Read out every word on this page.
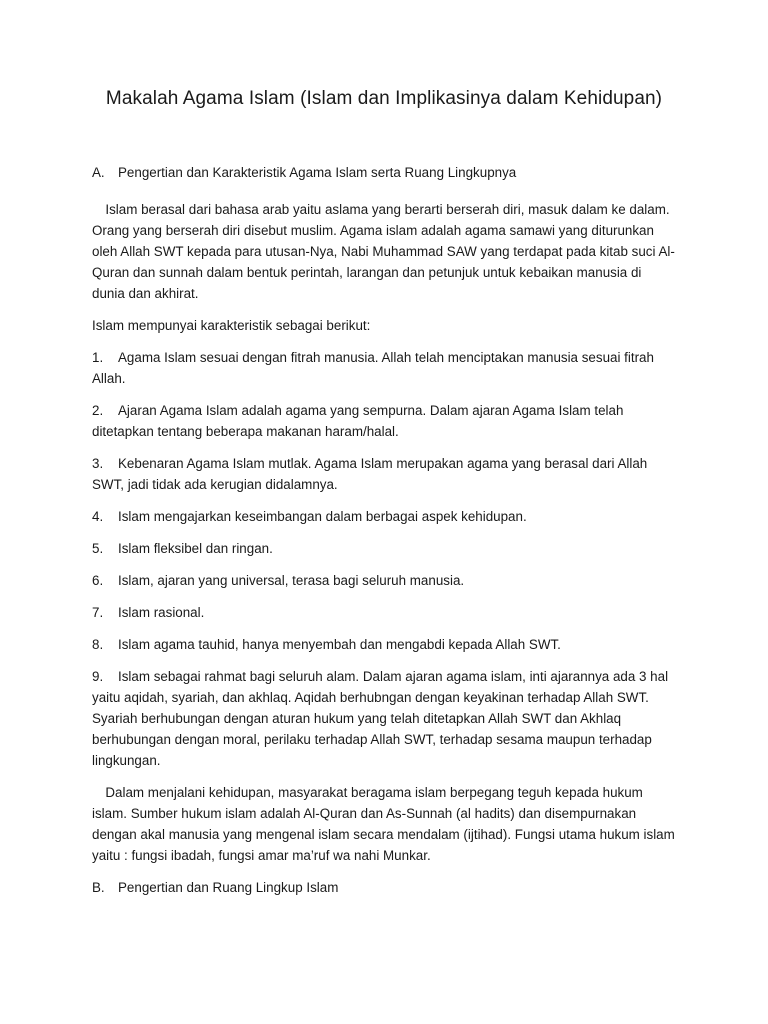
Makalah Agama Islam (Islam dan Implikasinya dalam Kehidupan)
A. Pengertian dan Karakteristik Agama Islam serta Ruang Lingkupnya

Islam berasal dari bahasa arab yaitu aslama yang berarti berserah diri, masuk dalam ke dalam. Orang yang berserah diri disebut muslim. Agama islam adalah agama samawi yang diturunkan oleh Allah SWT kepada para utusan-Nya, Nabi Muhammad SAW yang terdapat pada kitab suci Al-Quran dan sunnah dalam bentuk perintah, larangan dan petunjuk untuk kebaikan manusia di dunia dan akhirat.

Islam mempunyai karakteristik sebagai berikut:

1. Agama Islam sesuai dengan fitrah manusia. Allah telah menciptakan manusia sesuai fitrah Allah.
2. Ajaran Agama Islam adalah agama yang sempurna. Dalam ajaran Agama Islam telah ditetapkan tentang beberapa makanan haram/halal.
3. Kebenaran Agama Islam mutlak. Agama Islam merupakan agama yang berasal dari Allah SWT, jadi tidak ada kerugian didalamnya.
4. Islam mengajarkan keseimbangan dalam berbagai aspek kehidupan.
5. Islam fleksibel dan ringan.
6. Islam, ajaran yang universal, terasa bagi seluruh manusia.
7. Islam rasional.
8. Islam agama tauhid, hanya menyembah dan mengabdi kepada Allah SWT.
9. Islam sebagai rahmat bagi seluruh alam. Dalam ajaran agama islam, inti ajarannya ada 3 hal yaitu aqidah, syariah, dan akhlaq. Aqidah berhubngan dengan keyakinan terhadap Allah SWT. Syariah berhubungan dengan aturan hukum yang telah ditetapkan Allah SWT dan Akhlaq berhubungan dengan moral, perilaku terhadap Allah SWT, terhadap sesama maupun terhadap lingkungan.

Dalam menjalani kehidupan, masyarakat beragama islam berpegang teguh kepada hukum islam. Sumber hukum islam adalah Al-Quran dan As-Sunnah (al hadits) dan disempurnakan dengan akal manusia yang mengenal islam secara mendalam (ijtihad). Fungsi utama hukum islam yaitu : fungsi ibadah, fungsi amar ma’ruf wa nahi Munkar.

B. Pengertian dan Ruang Lingkup Islam
